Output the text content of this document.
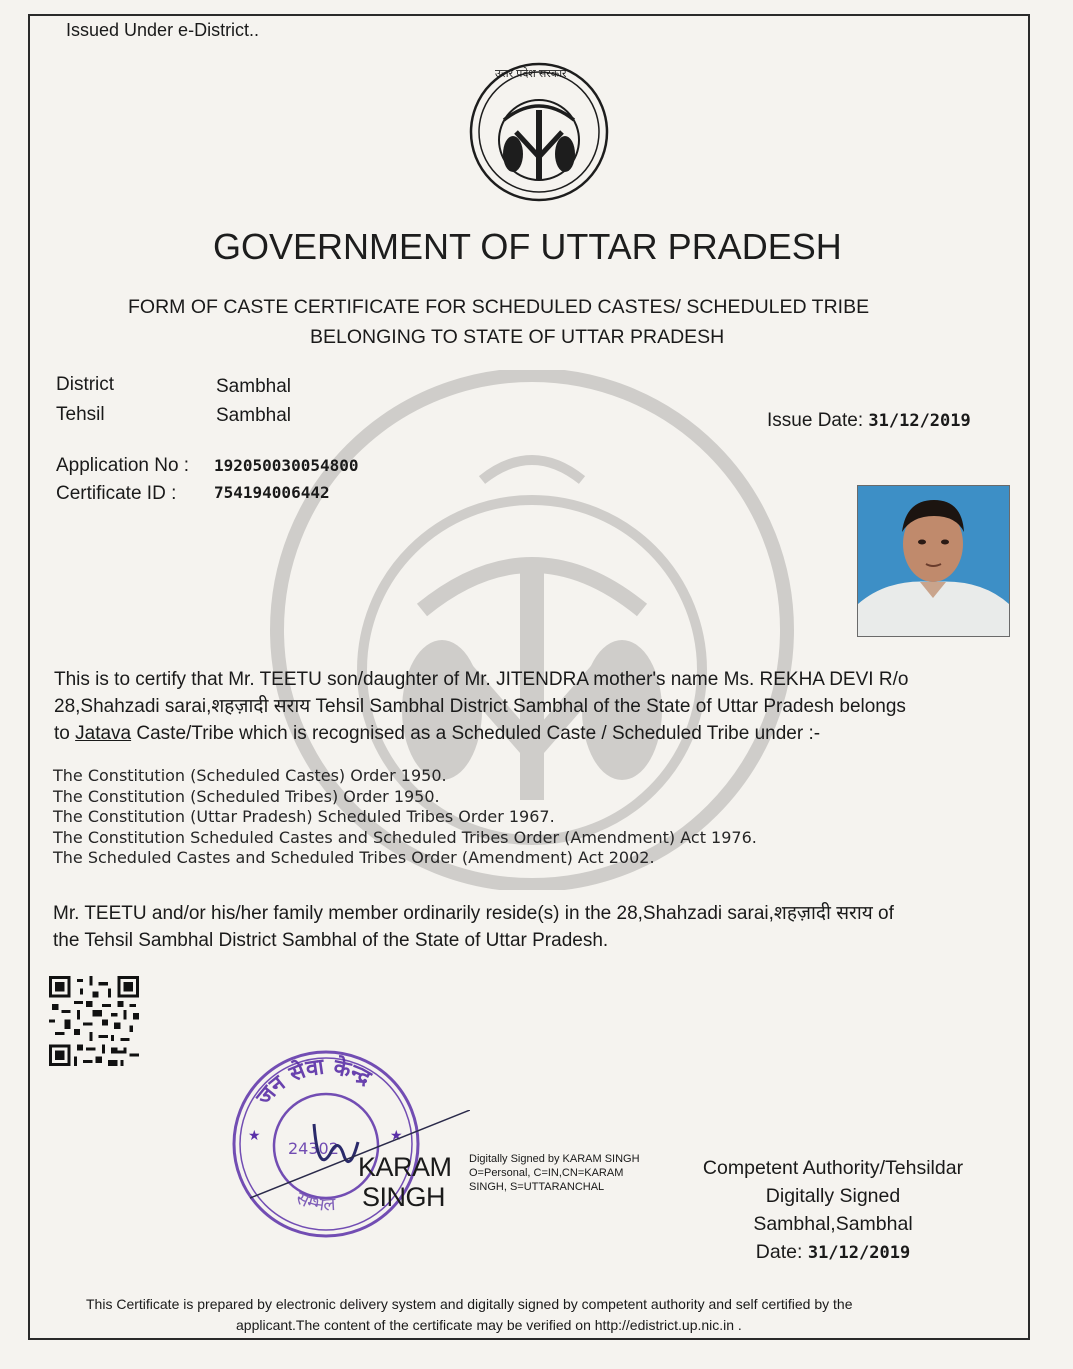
Issued Under e-District..
उत्तर प्रदेश सरकार
GOVERNMENT OF UTTAR PRADESH
FORM OF CASTE CERTIFICATE FOR SCHEDULED CASTES/ SCHEDULED TRIBE
BELONGING TO STATE OF UTTAR PRADESH
District	Sambhal
Tehsil	Sambhal	Issue Date: 31/12/2019
Application No : 192050030054800
Certificate ID : 754194006442
This is to certify that Mr. TEETU son/daughter of Mr. JITENDRA mother's name Ms. REKHA DEVI R/o
28,Shahzadi sarai,शहज़ादी सराय Tehsil Sambhal District Sambhal of the State of Uttar Pradesh belongs
to Jatava Caste/Tribe which is recognised as a Scheduled Caste / Scheduled Tribe under :-
The Constitution (Scheduled Castes) Order 1950.
The Constitution (Scheduled Tribes) Order 1950.
The Constitution (Uttar Pradesh) Scheduled Tribes Order 1967.
The Constitution Scheduled Castes and Scheduled Tribes Order (Amendment) Act 1976.
The Scheduled Castes and Scheduled Tribes Order (Amendment) Act 2002.
Mr. TEETU and/or his/her family member ordinarily reside(s) in the 28,Shahzadi sarai,शहज़ादी सराय of
the Tehsil Sambhal District Sambhal of the State of Uttar Pradesh.
जन सेवा केन्द्र
सम्भल
24302
★	★
KARAM
SINGH
Digitally Signed by KARAM SINGH
O=Personal, C=IN,CN=KARAM
SINGH, S=UTTARANCHAL
Competent Authority/Tehsildar
Digitally Signed
Sambhal,Sambhal
Date: 31/12/2019
This Certificate is prepared by electronic delivery system and digitally signed by competent authority and self certified by the
applicant.The content of the certificate may be verified on http://edistrict.up.nic.in .
